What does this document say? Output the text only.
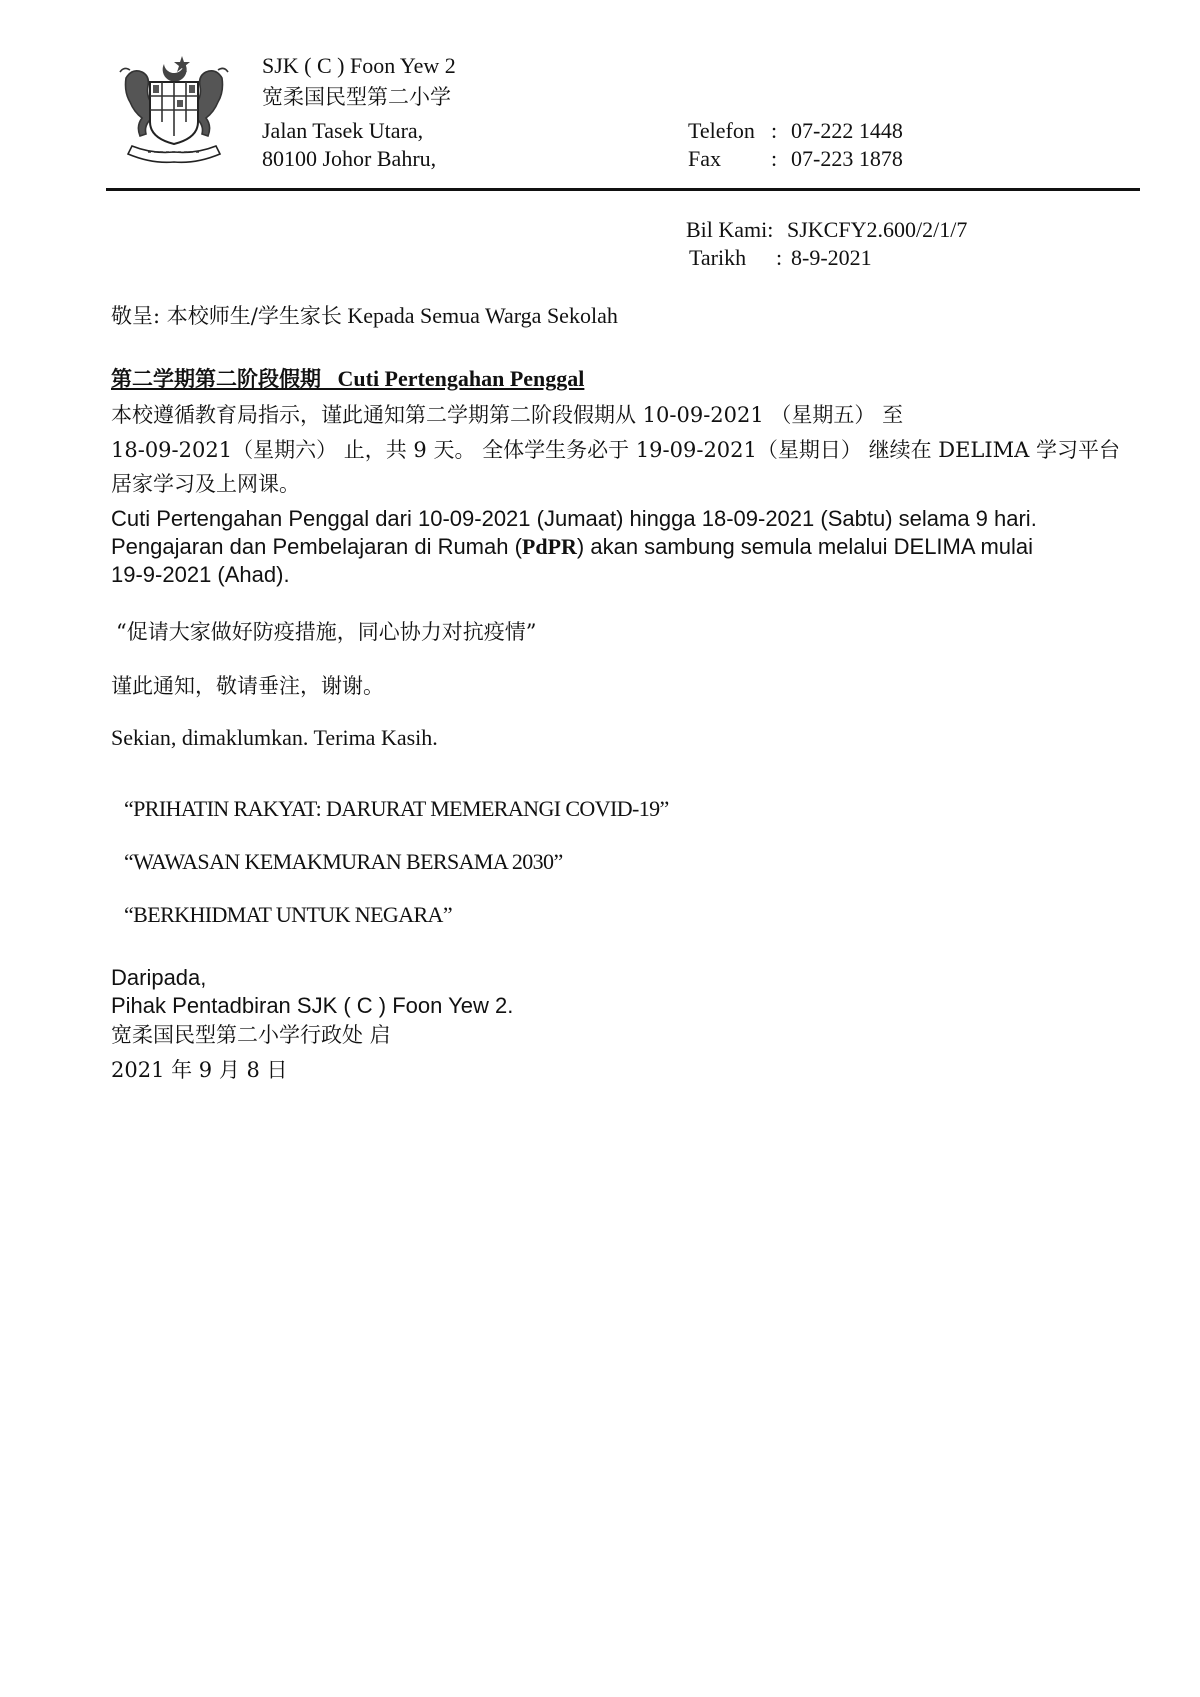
SJK ( C ) Foon Yew 2
宽柔国民型第二小学
Jalan Tasek Utara,
80100 Johor Bahru,
Telefon : 07-222 1448
Fax : 07-223 1878
Bil Kami: SJKCFY2.600/2/1/7
Tarikh : 8-9-2021
敬呈: 本校师生/学生家长 Kepada Semua Warga Sekolah
第二学期第二阶段假期 Cuti Pertengahan Penggal
本校遵循教育局指示，谨此通知第二学期第二阶段假期从 10-09-2021 （星期五） 至
18-09-2021（星期六） 止，共 9 天。 全体学生务必于 19-09-2021（星期日） 继续在 DELIMA 学习平台
居家学习及上网课。
Cuti Pertengahan Penggal dari 10-09-2021 (Jumaat) hingga 18-09-2021 (Sabtu) selama 9 hari.
Pengajaran dan Pembelajaran di Rumah (PdPR) akan sambung semula melalui DELIMA mulai
19-9-2021 (Ahad).
“促请大家做好防疫措施，同心协力对抗疫情”
谨此通知，敬请垂注，谢谢。
Sekian, dimaklumkan. Terima Kasih.
“PRIHATIN RAKYAT: DARURAT MEMERANGI COVID-19”
“WAWASAN KEMAKMURAN BERSAMA 2030”
“BERKHIDMAT UNTUK NEGARA”
Daripada,
Pihak Pentadbiran SJK ( C ) Foon Yew 2.
宽柔国民型第二小学行政处 启
2021 年 9 月 8 日
